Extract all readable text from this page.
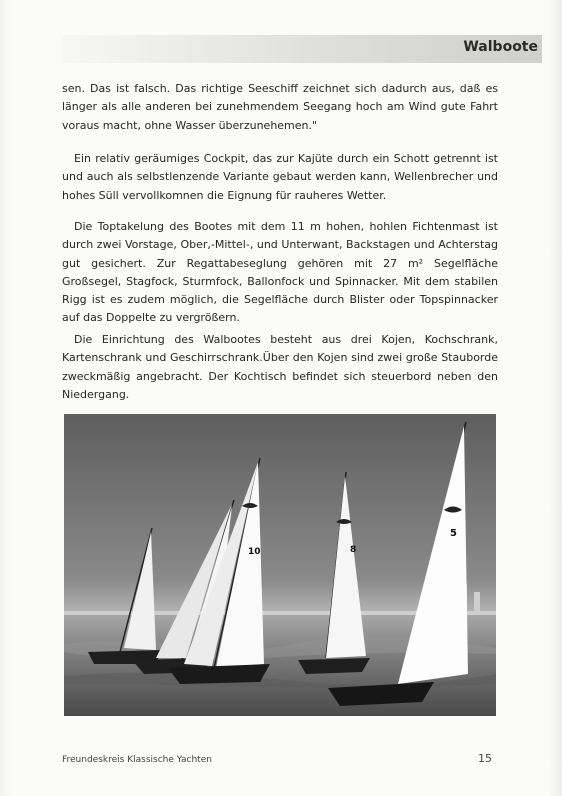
Walboote

sen. Das ist falsch. Das richtige Seeschiff zeichnet sich dadurch aus, daß es länger als alle anderen bei zunehmendem Seegang hoch am Wind gute Fahrt voraus macht, ohne Wasser überzunehemen."

Ein relativ geräumiges Cockpit, das zur Kajüte durch ein Schott getrennt ist und auch als selbstlenzende Variante gebaut werden kann, Wellenbrecher und hohes Süll vervollkomnen die Eignung für rauheres Wetter.

Die Toptakelung des Bootes mit dem 11 m hohen, hohlen Fichtenmast ist durch zwei Vorstage, Ober,-Mittel-, und Unterwant, Backstagen und Achterstag gut gesichert. Zur Regattabeseglung gehören mit 27 m² Segelfläche Großsegel, Stagfock, Sturmfock, Ballonfock und Spinnacker. Mit dem stabilen Rigg ist es zudem möglich, die Segelfläche durch Blister oder Topspinnacker auf das Doppelte zu vergrößern.

Die Einrichtung des Walbootes besteht aus drei Kojen, Kochschrank, Kartenschrank und Geschirrschrank.Über den Kojen sind zwei große Stauborde zweckmäßig angebracht. Der Kochtisch befindet sich steuerbord neben den Niedergang.

10	8
5
Freundeskreis Klassische Yachten	15
